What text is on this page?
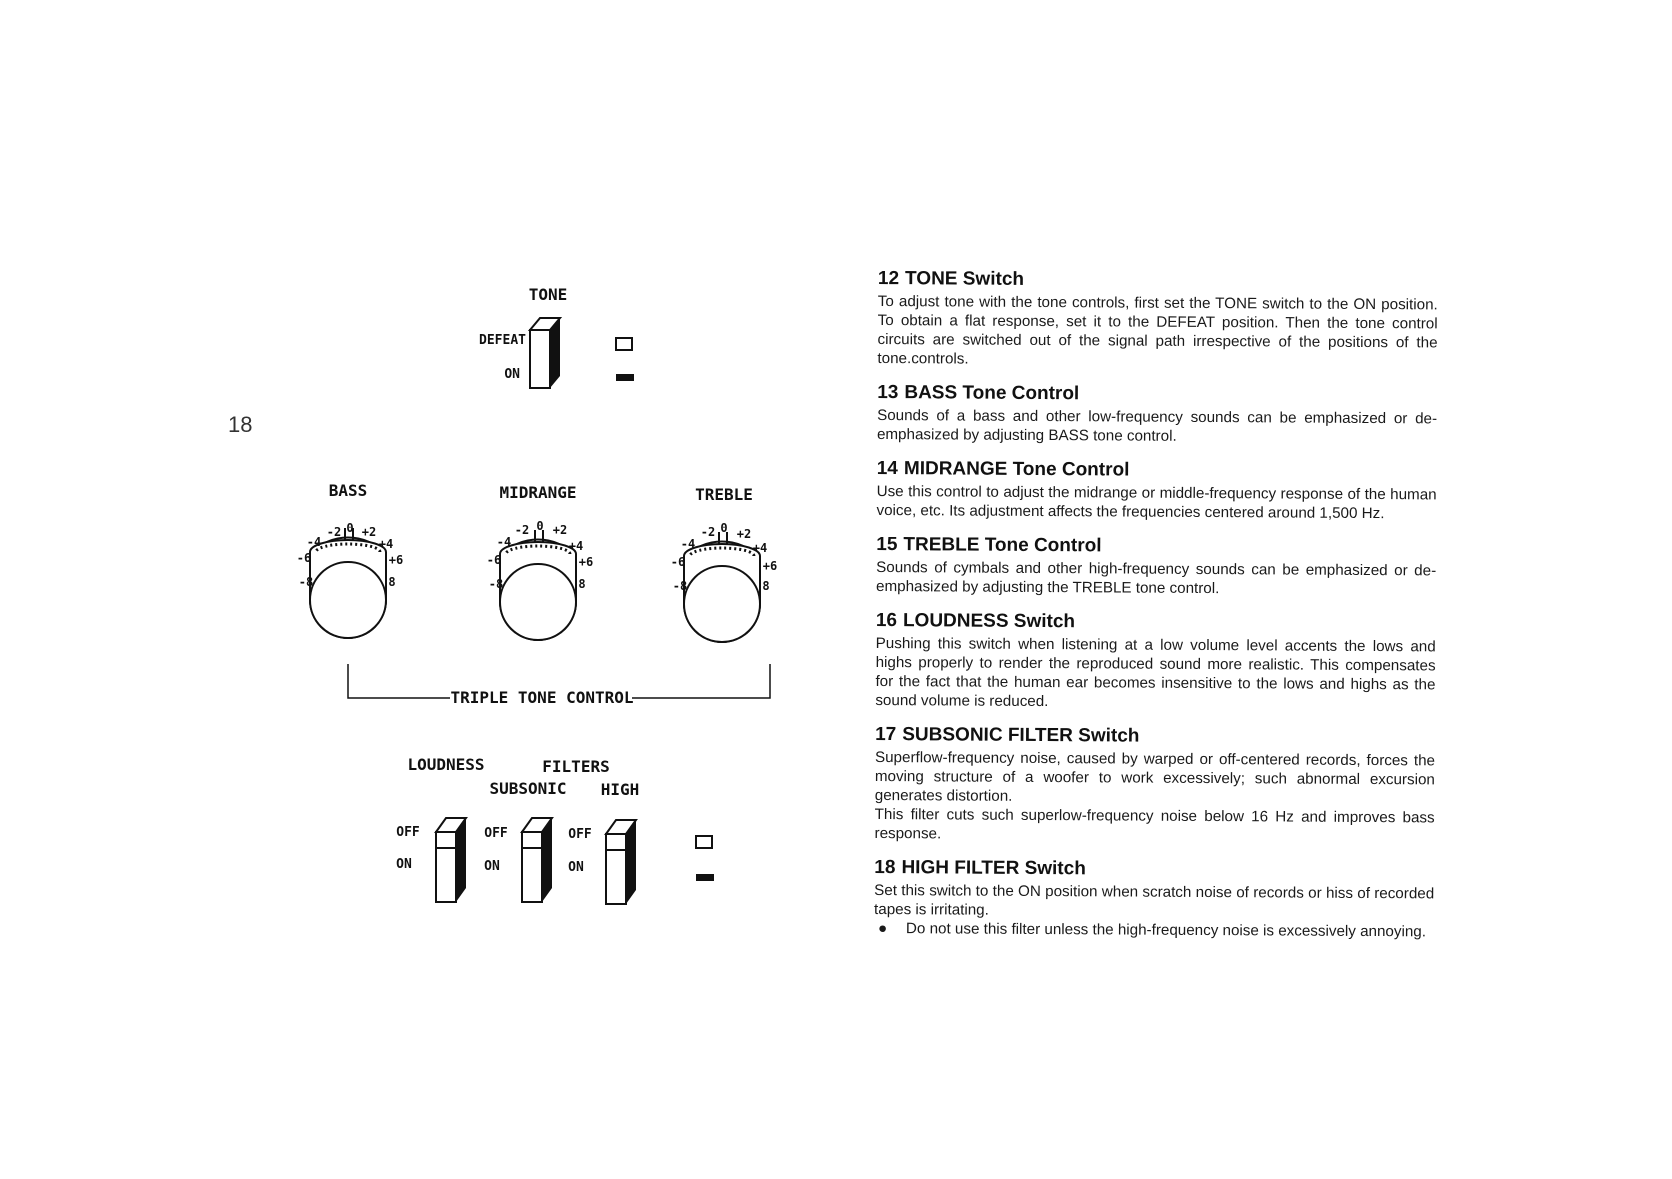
18
TONE
DEFEAT
ON
BASS
-2 0 +2
-4	+4
-6	+6
-8	8
MIDRANGE
-2 0 +2
-4	+4
-6	+6
-8	8
TREBLE
-2 0 +2
-4	+4
-6	+6
-8	8
TRIPLE TONE CONTROL
LOUDNESS	FILTERS
SUBSONIC HIGH
OFF
ON
OFF
ON
OFF
ON
12 TONE Switch

To adjust tone with the tone controls, first set the TONE switch to the ON position. To obtain a flat response, set it to the DEFEAT position. Then the tone control circuits are switched out of the signal path irrespective of the positions of the tone.controls.

13 BASS Tone Control

Sounds of a bass and other low-frequency sounds can be emphasized or de-emphasized by adjusting BASS tone control.

14 MIDRANGE Tone Control

Use this control to adjust the midrange or middle-frequency response of the human voice, etc. Its adjustment affects the frequencies centered around 1,500 Hz.

15 TREBLE Tone Control

Sounds of cymbals and other high-frequency sounds can be emphasized or de-emphasized by adjusting the TREBLE tone control.

16 LOUDNESS Switch

Pushing this switch when listening at a low volume level accents the lows and highs properly to render the reproduced sound more realistic. This compensates for the fact that the human ear becomes insensitive to the lows and highs as the sound volume is reduced.

17 SUBSONIC FILTER Switch

Superflow-frequency noise, caused by warped or off-centered records, forces the moving structure of a woofer to work excessively; such abnormal excursion generates distortion.

This filter cuts such superlow-frequency noise below 16 Hz and improves bass response.

18 HIGH FILTER Switch

Set this switch to the ON position when scratch noise of records or hiss of recorded tapes is irritating.

●	Do not use this filter unless the high-frequency noise is excessively annoying.
